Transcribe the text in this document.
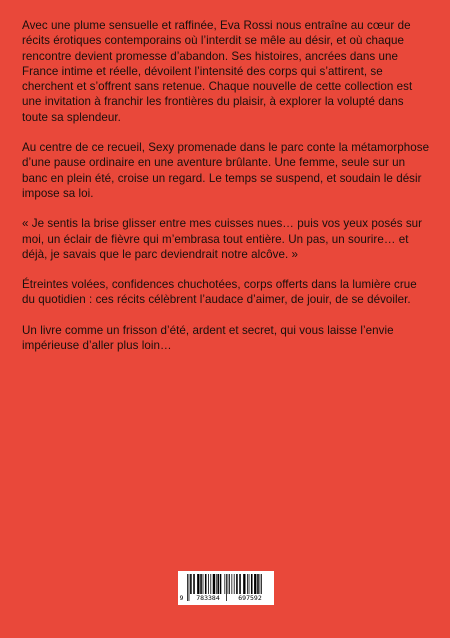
Avec une plume sensuelle et raffinée, Eva Rossi nous entraîne au cœur de récits érotiques contemporains où l’interdit se mêle au désir, et où chaque rencontre devient promesse d’abandon. Ses histoires, ancrées dans une France intime et réelle, dévoilent l’intensité des corps qui s’attirent, se cherchent et s’offrent sans retenue. Chaque nouvelle de cette collection est une invitation à franchir les frontières du plaisir, à explorer la volupté dans toute sa splendeur.

Au centre de ce recueil, Sexy promenade dans le parc conte la métamorphose d’une pause ordinaire en une aventure brûlante. Une femme, seule sur un banc en plein été, croise un regard. Le temps se suspend, et soudain le désir impose sa loi.

« Je sentis la brise glisser entre mes cuisses nues… puis vos yeux posés sur moi, un éclair de fièvre qui m’embrasa tout entière. Un pas, un sourire… et déjà, je savais que le parc deviendrait notre alcôve. »

Étreintes volées, confidences chuchotées, corps offerts dans la lumière crue du quotidien : ces récits célèbrent l’audace d’aimer, de jouir, de se dévoiler.

Un livre comme un frisson d’été, ardent et secret, qui vous laisse l’envie impérieuse d’aller plus loin…

9	783384	697592
